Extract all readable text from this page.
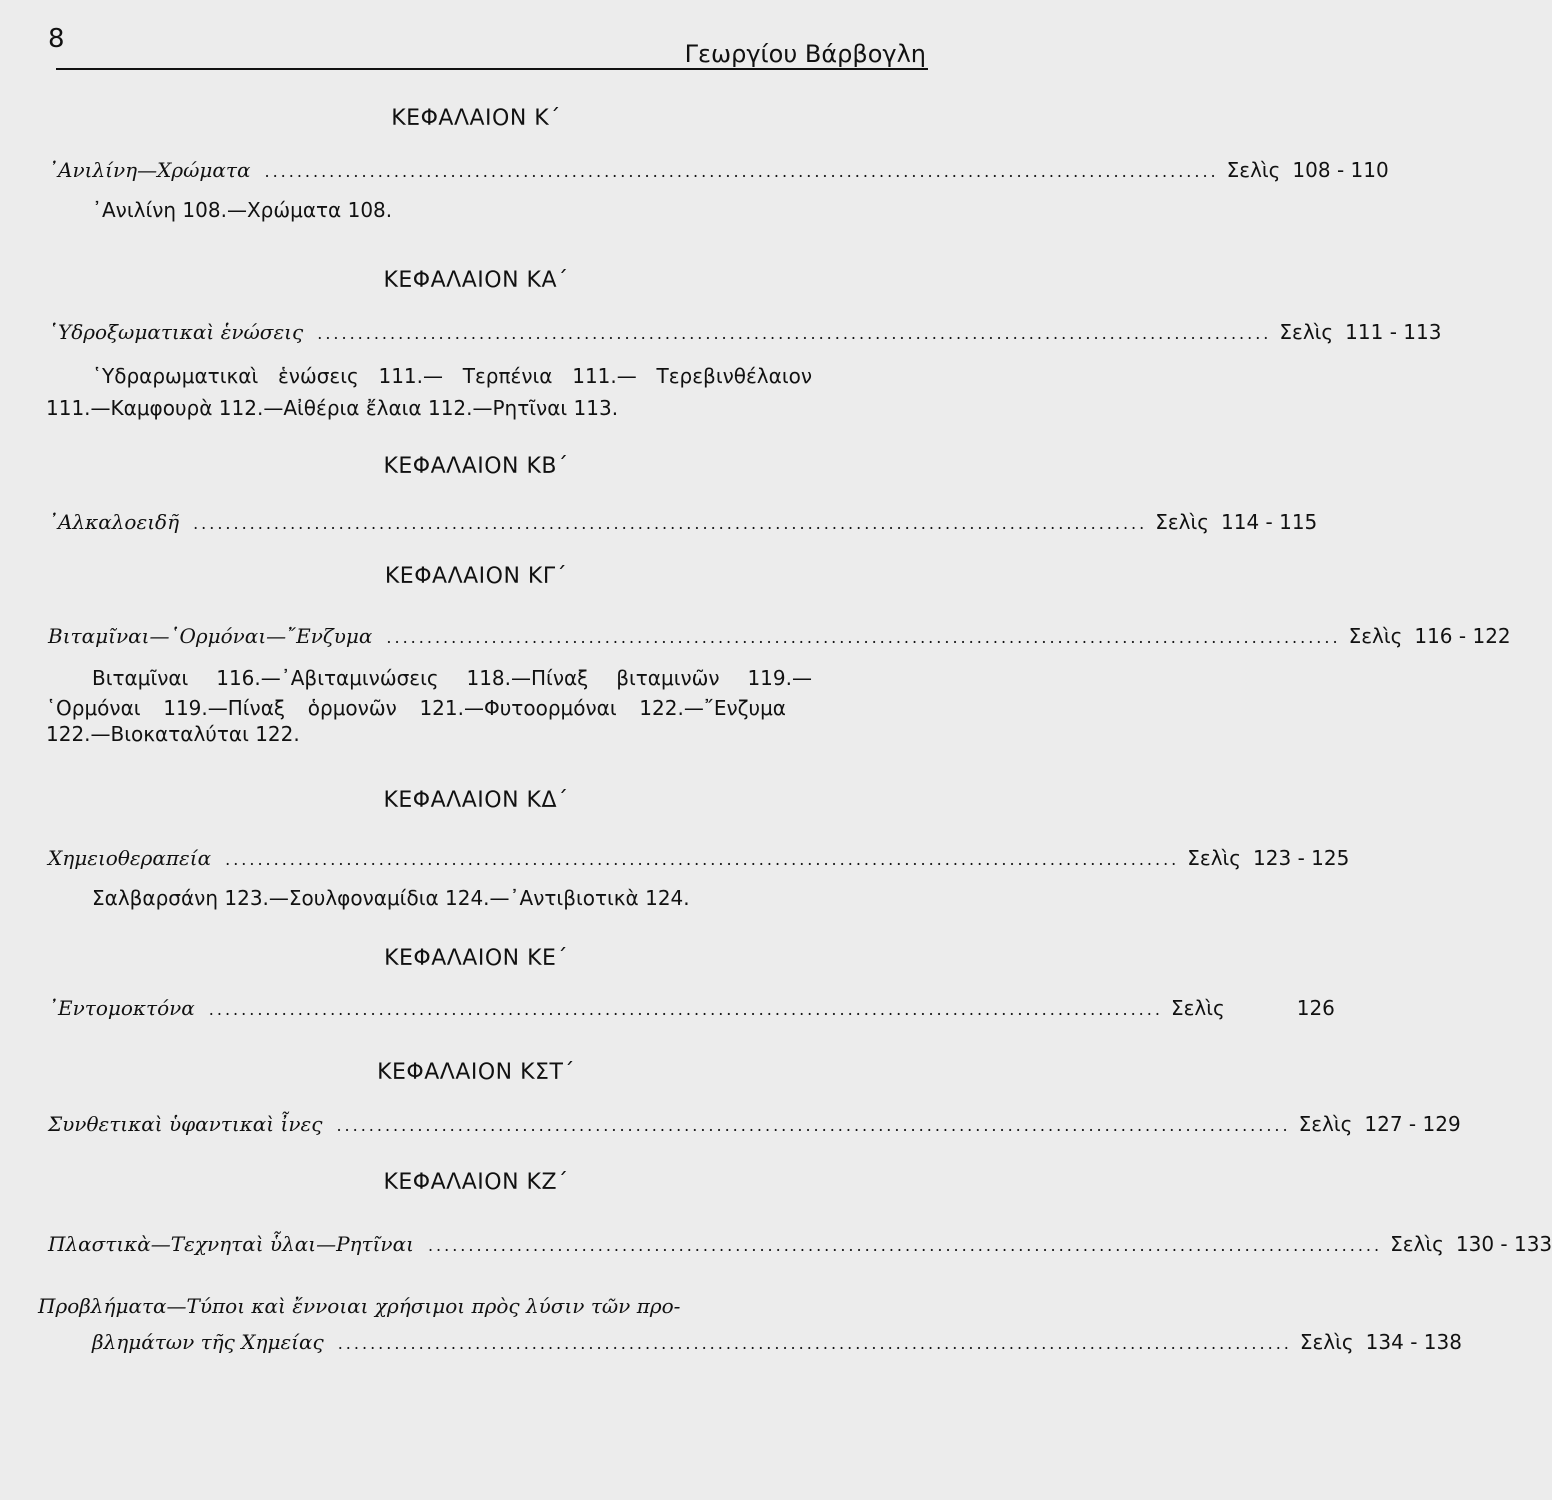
8	Γεωργίου Βάρβογλη
ΚΕΦΑΛΑΙΟΝ Κ΄
᾿Ανιλίνη—Χρώματα ...................................................................................................................... Σελὶς 108 - 110
᾿Ανιλίνη 108.—Χρώματα 108.
ΚΕΦΑΛΑΙΟΝ ΚΑ΄
῾Υδροξωματικαὶ ἑνώσεις ...................................................................................................................... Σελὶς 111 - 113
῾Υδραρωματικαὶ ἑνώσεις 111.— Τερπένια 111.— Τερεβινθέλαιον
111.—Καμφουρὰ 112.—Αἰθέρια ἔλαια 112.—Ρητῖναι 113.
ΚΕΦΑΛΑΙΟΝ ΚΒ΄
᾿Αλκαλοειδῆ ...................................................................................................................... Σελὶς 114 - 115
ΚΕΦΑΛΑΙΟΝ ΚΓ΄
Βιταμῖναι—῾Ορμόναι—῎Ενζυμα ...................................................................................................................... Σελὶς 116 - 122
Βιταμῖναι 116.—᾿Αβιταμινώσεις 118.—Πίναξ βιταμινῶν 119.—
῾Ορμόναι 119.—Πίναξ ὁρμονῶν 121.—Φυτοορμόναι 122.—῎Ενζυμα
122.—Βιοκαταλύται 122.
ΚΕΦΑΛΑΙΟΝ ΚΔ΄
Χημειοθεραπεία ...................................................................................................................... Σελὶς 123 - 125
Σαλβαρσάνη 123.—Σουλφοναμίδια 124.—᾿Αντιβιοτικὰ 124.
ΚΕΦΑΛΑΙΟΝ ΚΕ΄
᾿Εντομοκτόνα ...................................................................................................................... Σελὶς	126
ΚΕΦΑΛΑΙΟΝ ΚΣΤ΄
Συνθετικαὶ ὑφαντικαὶ ἶνες ...................................................................................................................... Σελὶς 127 - 129
ΚΕΦΑΛΑΙΟΝ ΚΖ΄
Πλαστικὰ—Τεχνηταὶ ὗλαι—Ρητῖναι ...................................................................................................................... Σελὶς 130 - 133
Προβλήματα—Τύποι καὶ ἔννοιαι χρήσιμοι πρὸς λύσιν τῶν προ-
βλημάτων τῆς Χημείας ...................................................................................................................... Σελὶς 134 - 138
